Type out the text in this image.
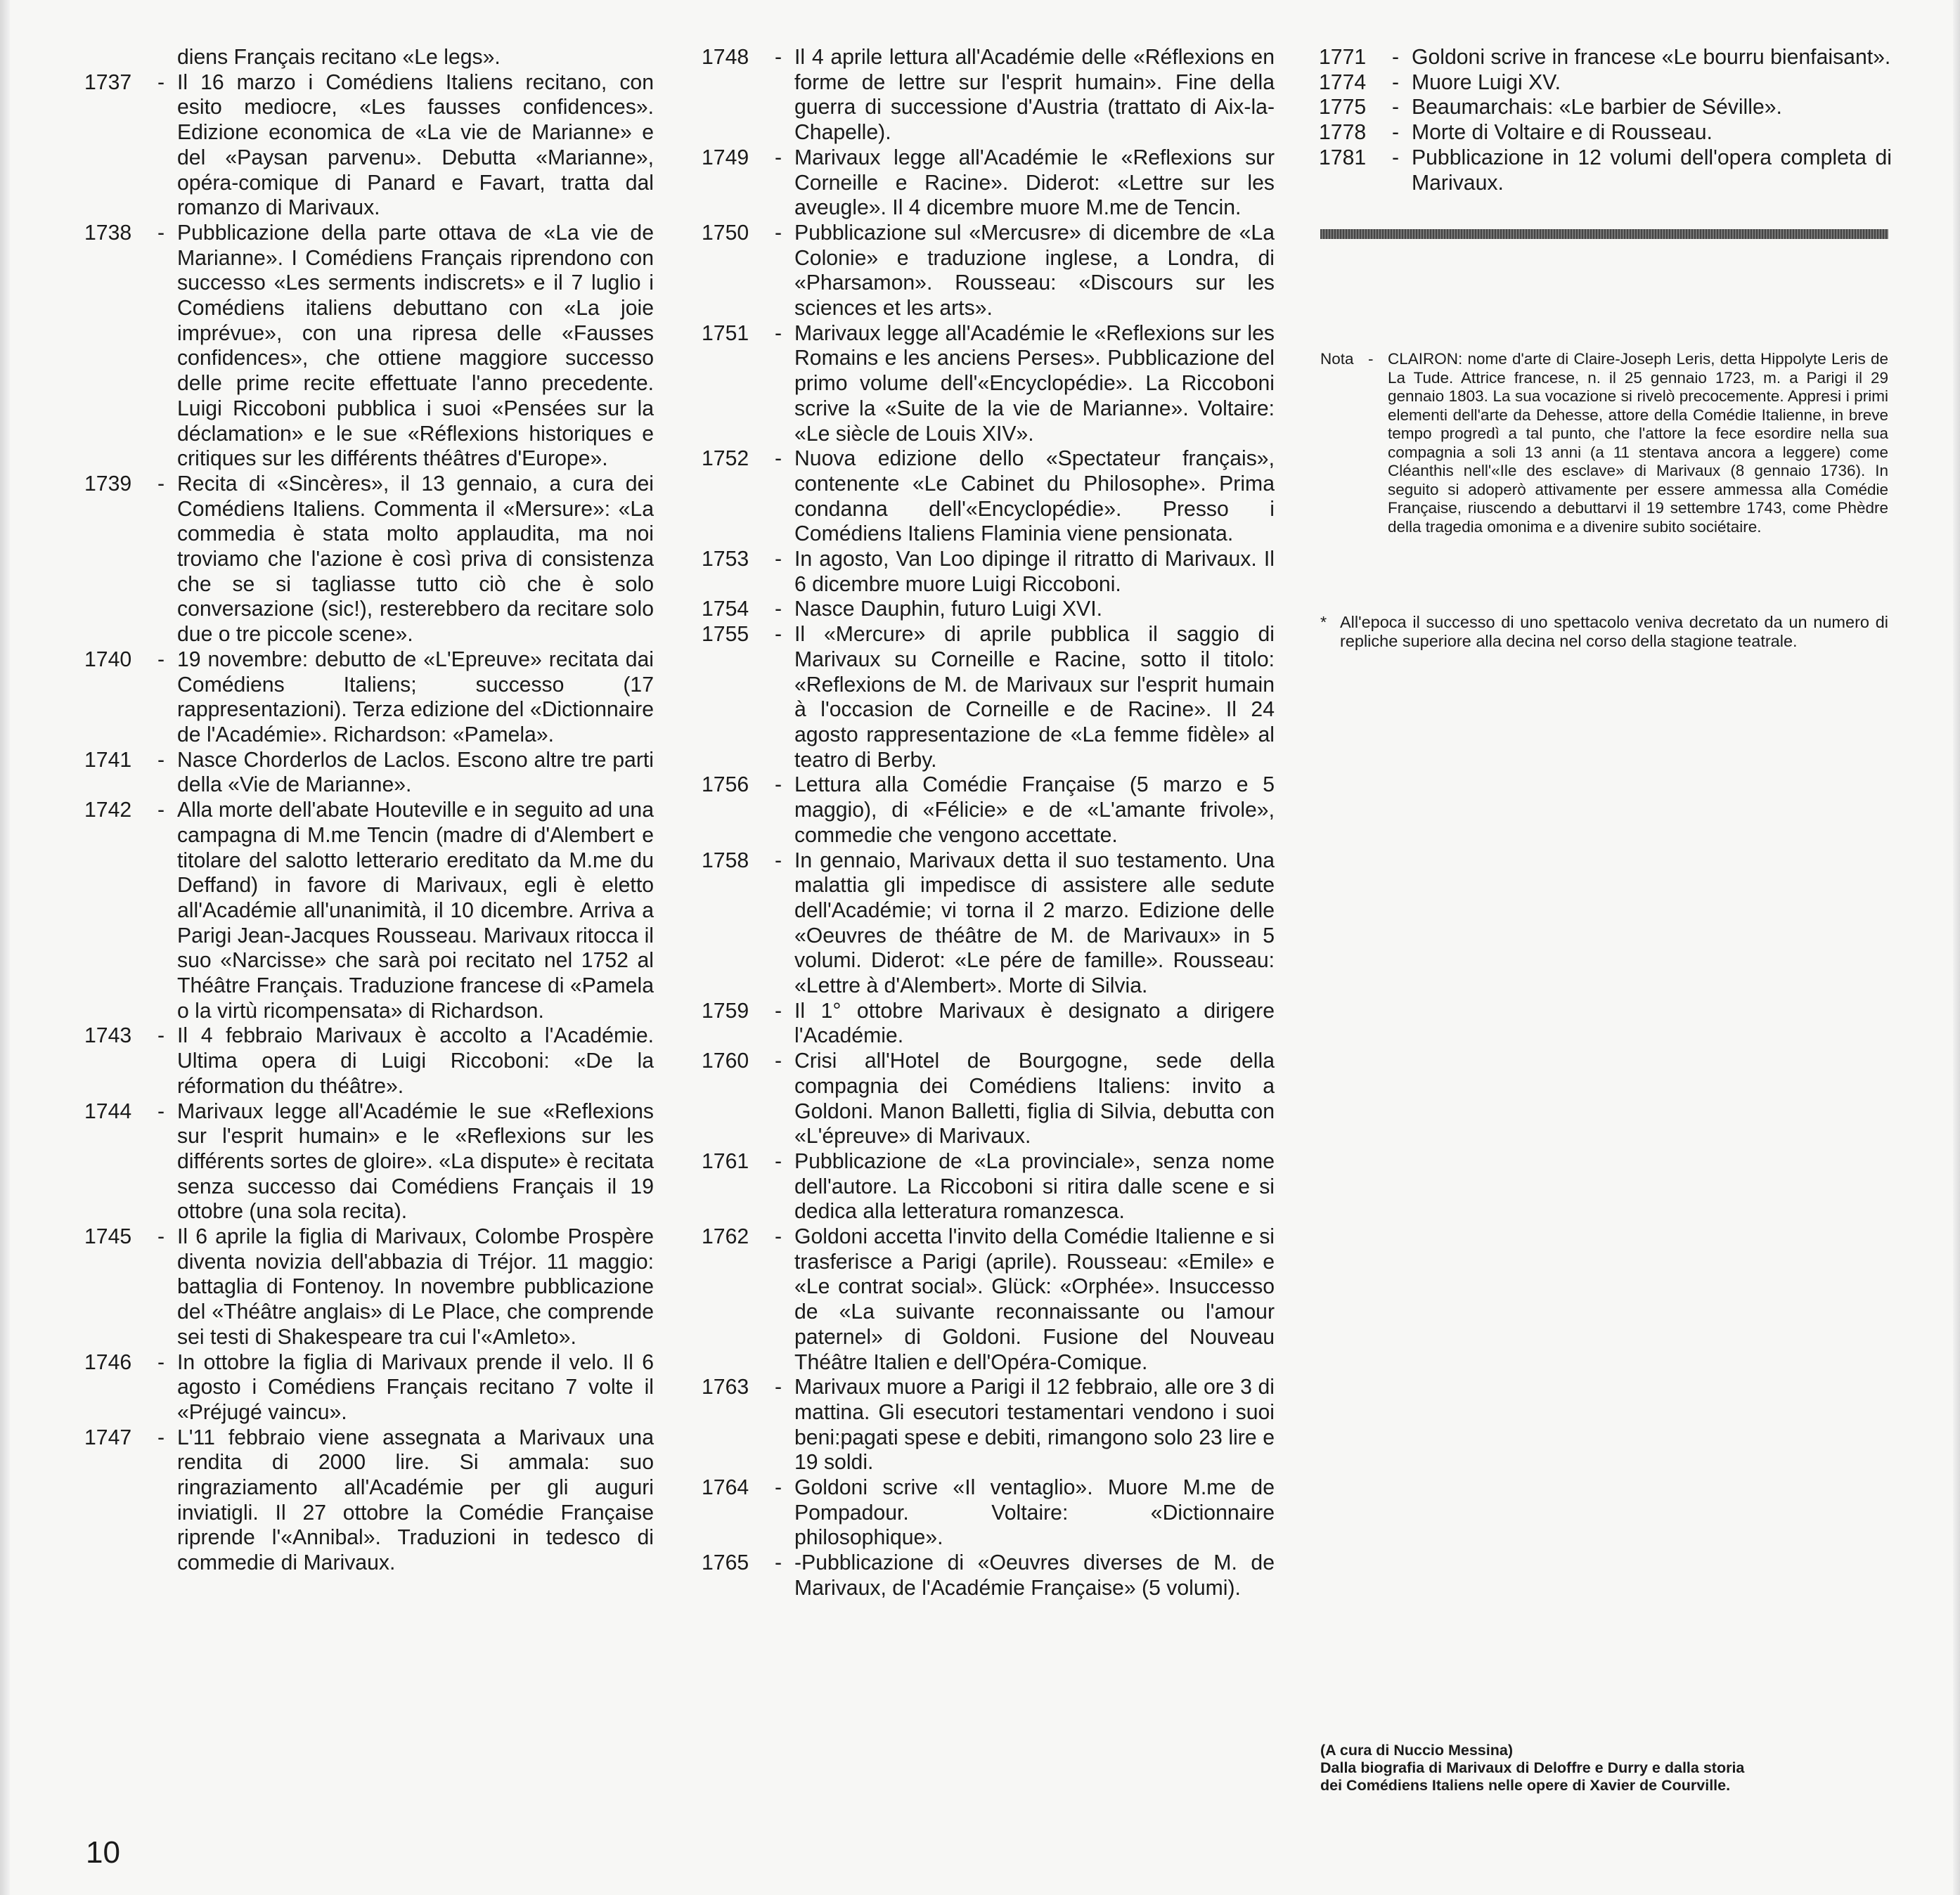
diens Français recitano «Le legs».
1737	- Il 16 marzo i Comédiens Italiens recitano, con esito mediocre, «Les fausses confidences». Edizione economica de «La vie de Marianne» e del «Paysan parvenu». Debutta «Marianne», opéra-comique di Panard e Favart, tratta dal romanzo di Marivaux.
1738	- Pubblicazione della parte ottava de «La vie de Marianne». I Comédiens Français riprendono con successo «Les serments indiscrets» e il 7 luglio i Comédiens italiens debuttano con «La joie imprévue», con una ripresa delle «Fausses confidences», che ottiene maggiore successo delle prime recite effettuate l'anno precedente. Luigi Riccoboni pubblica i suoi «Pensées sur la déclamation» e le sue «Réflexions historiques e critiques sur les différents théâtres d'Europe».
1739	- Recita di «Sincères», il 13 gennaio, a cura dei Comédiens Italiens. Commenta il «Mersure»: «La commedia è stata molto applaudita, ma noi troviamo che l'azione è così priva di consistenza che se si tagliasse tutto ciò che è solo conversazione (sic!), resterebbero da recitare solo due o tre piccole scene».
1740	- 19 novembre: debutto de «L'Epreuve» recitata dai Comédiens Italiens; successo (17 rappresentazioni). Terza edizione del «Dictionnaire de l'Académie». Richardson: «Pamela».
1741	- Nasce Chorderlos de Laclos. Escono altre tre parti della «Vie de Marianne».
1742	- Alla morte dell'abate Houteville e in seguito ad una campagna di M.me Tencin (madre di d'Alembert e titolare del salotto letterario ereditato da M.me du Deffand) in favore di Marivaux, egli è eletto all'Académie all'unanimità, il 10 dicembre. Arriva a Parigi Jean-Jacques Rousseau. Marivaux ritocca il suo «Narcisse» che sarà poi recitato nel 1752 al Théâtre Français. Traduzione francese di «Pamela o la virtù ricompensata» di Richardson.
1743	- Il 4 febbraio Marivaux è accolto a l'Académie. Ultima opera di Luigi Riccoboni: «De la réformation du théâtre».
1744	- Marivaux legge all'Académie le sue «Reflexions sur l'esprit humain» e le «Reflexions sur les différents sortes de gloire». «La dispute» è recitata senza successo dai Comédiens Français il 19 ottobre (una sola recita).
1745	- Il 6 aprile la figlia di Marivaux, Colombe Prospère diventa novizia dell'abbazia di Tréjor. 11 maggio: battaglia di Fontenoy. In novembre pubblicazione del «Théâtre anglais» di Le Place, che comprende sei testi di Shakespeare tra cui l'«Amleto».
1746	- In ottobre la figlia di Marivaux prende il velo. Il 6 agosto i Comédiens Français recitano 7 volte il «Préjugé vaincu».
1747	- L'11 febbraio viene assegnata a Marivaux una rendita di 2000 lire. Si ammala: suo ringraziamento all'Académie per gli auguri inviatigli. Il 27 ottobre la Comédie Française riprende l'«Annibal». Traduzioni in tedesco di commedie di Marivaux.
1748	- Il 4 aprile lettura all'Académie delle «Réflexions en forme de lettre sur l'esprit humain». Fine della guerra di successione d'Austria (trattato di Aix-la-Chapelle).
1749	- Marivaux legge all'Académie le «Reflexions sur Corneille e Racine». Diderot: «Lettre sur les aveugle». Il 4 dicembre muore M.me de Tencin.
1750	- Pubblicazione sul «Mercusre» di dicembre de «La Colonie» e traduzione inglese, a Londra, di «Pharsamon». Rousseau: «Discours sur les sciences et les arts».
1751	- Marivaux legge all'Académie le «Reflexions sur les Romains e les anciens Perses». Pubblicazione del primo volume dell'«Encyclopédie». La Riccoboni scrive la «Suite de la vie de Marianne». Voltaire: «Le siècle de Louis XIV».
1752	- Nuova edizione dello «Spectateur français», contenente «Le Cabinet du Philosophe». Prima condanna dell'«Encyclopédie». Presso i Comédiens Italiens Flaminia viene pensionata.
1753	- In agosto, Van Loo dipinge il ritratto di Marivaux. Il 6 dicembre muore Luigi Riccoboni.
1754	- Nasce Dauphin, futuro Luigi XVI.
1755	- Il «Mercure» di aprile pubblica il saggio di Marivaux su Corneille e Racine, sotto il titolo: «Reflexions de M. de Marivaux sur l'esprit humain à l'occasion de Corneille e de Racine». Il 24 agosto rappresentazione de «La femme fidèle» al teatro di Berby.
1756	- Lettura alla Comédie Française (5 marzo e 5 maggio), di «Félicie» e de «L'amante frivole», commedie che vengono accettate.
1758	- In gennaio, Marivaux detta il suo testamento. Una malattia gli impedisce di assistere alle sedute dell'Académie; vi torna il 2 marzo. Edizione delle «Oeuvres de théâtre de M. de Marivaux» in 5 volumi. Diderot: «Le pére de famille». Rousseau: «Lettre à d'Alembert». Morte di Silvia.
1759	- Il 1° ottobre Marivaux è designato a dirigere l'Académie.
1760	- Crisi all'Hotel de Bourgogne, sede della compagnia dei Comédiens Italiens: invito a Goldoni. Manon Balletti, figlia di Silvia, debutta con «L'épreuve» di Marivaux.
1761	- Pubblicazione de «La provinciale», senza nome dell'autore. La Riccoboni si ritira dalle scene e si dedica alla letteratura romanzesca.
1762	- Goldoni accetta l'invito della Comédie Italienne e si trasferisce a Parigi (aprile). Rousseau: «Emile» e «Le contrat social». Glück: «Orphée». Insuccesso de «La suivante reconnaissante ou l'amour paternel» di Goldoni. Fusione del Nouveau Théâtre Italien e dell'Opéra-Comique.
1763	- Marivaux muore a Parigi il 12 febbraio, alle ore 3 di mattina. Gli esecutori testamentari vendono i suoi beni:pagati spese e debiti, rimangono solo 23 lire e 19 soldi.
1764	- Goldoni scrive «Il ventaglio». Muore M.me de Pompadour. Voltaire: «Dictionnaire philosophique».
1765	- -Pubblicazione di «Oeuvres diverses de M. de Marivaux, de l'Académie Française» (5 volumi).
1771	- Goldoni scrive in francese «Le bourru bienfaisant».
1774	- Muore Luigi XV.
1775	- Beaumarchais: «Le barbier de Séville».
1778	- Morte di Voltaire e di Rousseau.
1781	- Pubblicazione in 12 volumi dell'opera completa di Marivaux.
Nota - CLAIRON: nome d'arte di Claire-Joseph Leris, detta Hippolyte Leris de La Tude. Attrice francese, n. il 25 gennaio 1723, m. a Parigi il 29 gennaio 1803. La sua vocazione si rivelò precocemente. Appresi i primi elementi dell'arte da Dehesse, attore della Comédie Italienne, in breve tempo progredì a tal punto, che l'attore la fece esordire nella sua compagnia a soli 13 anni (a 11 stentava ancora a leggere) come Cléanthis nell'«Ile des esclave» di Marivaux (8 gennaio 1736). In seguito si adoperò attivamente per essere ammessa alla Comédie Française, riuscendo a debuttarvi il 19 settembre 1743, come Phèdre della tragedia omonima e a divenire subito sociétaire.
* All'epoca il successo di uno spettacolo veniva decretato da un numero di repliche superiore alla decina nel corso della stagione teatrale.
(A cura di Nuccio Messina)
Dalla biografia di Marivaux di Deloffre e Durry e dalla storia
dei Comédiens Italiens nelle opere di Xavier de Courville.
10
